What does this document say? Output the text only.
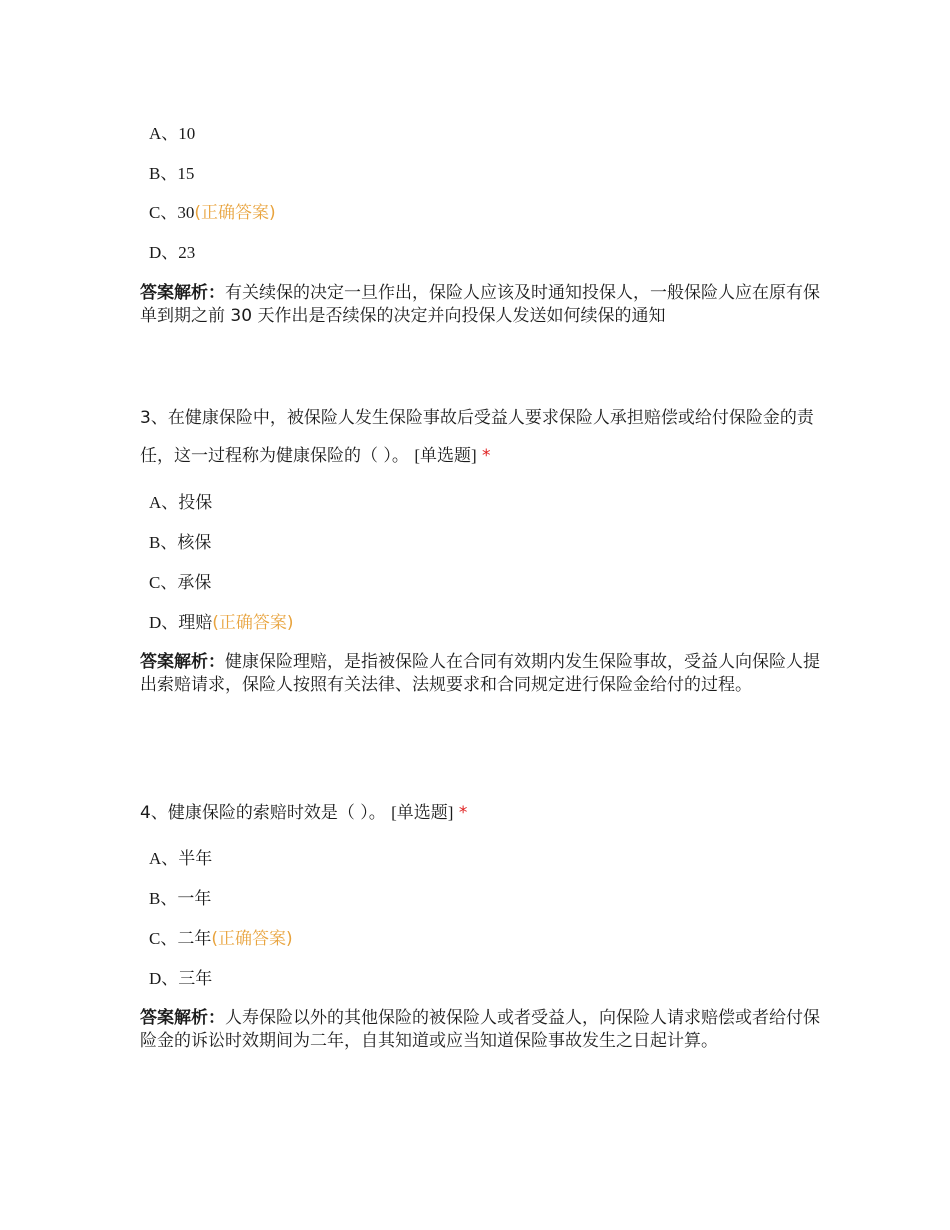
A、10
B、15
C、30(正确答案)
D、23
答案解析：有关续保的决定一旦作出，保险人应该及时通知投保人，一般保险人应在原有保单到期之前 30 天作出是否续保的决定并向投保人发送如何续保的通知
3、在健康保险中，被保险人发生保险事故后受益人要求保险人承担赔偿或给付保险金的责任，这一过程称为健康保险的（ ）。 [单选题] *
A、投保
B、核保
C、承保
D、理赔(正确答案)
答案解析：健康保险理赔，是指被保险人在合同有效期内发生保险事故，受益人向保险人提出索赔请求，保险人按照有关法律、法规要求和合同规定进行保险金给付的过程。
4、健康保险的索赔时效是（ ）。 [单选题] *
A、半年
B、一年
C、二年(正确答案)
D、三年
答案解析：人寿保险以外的其他保险的被保险人或者受益人，向保险人请求赔偿或者给付保险金的诉讼时效期间为二年，自其知道或应当知道保险事故发生之日起计算。
